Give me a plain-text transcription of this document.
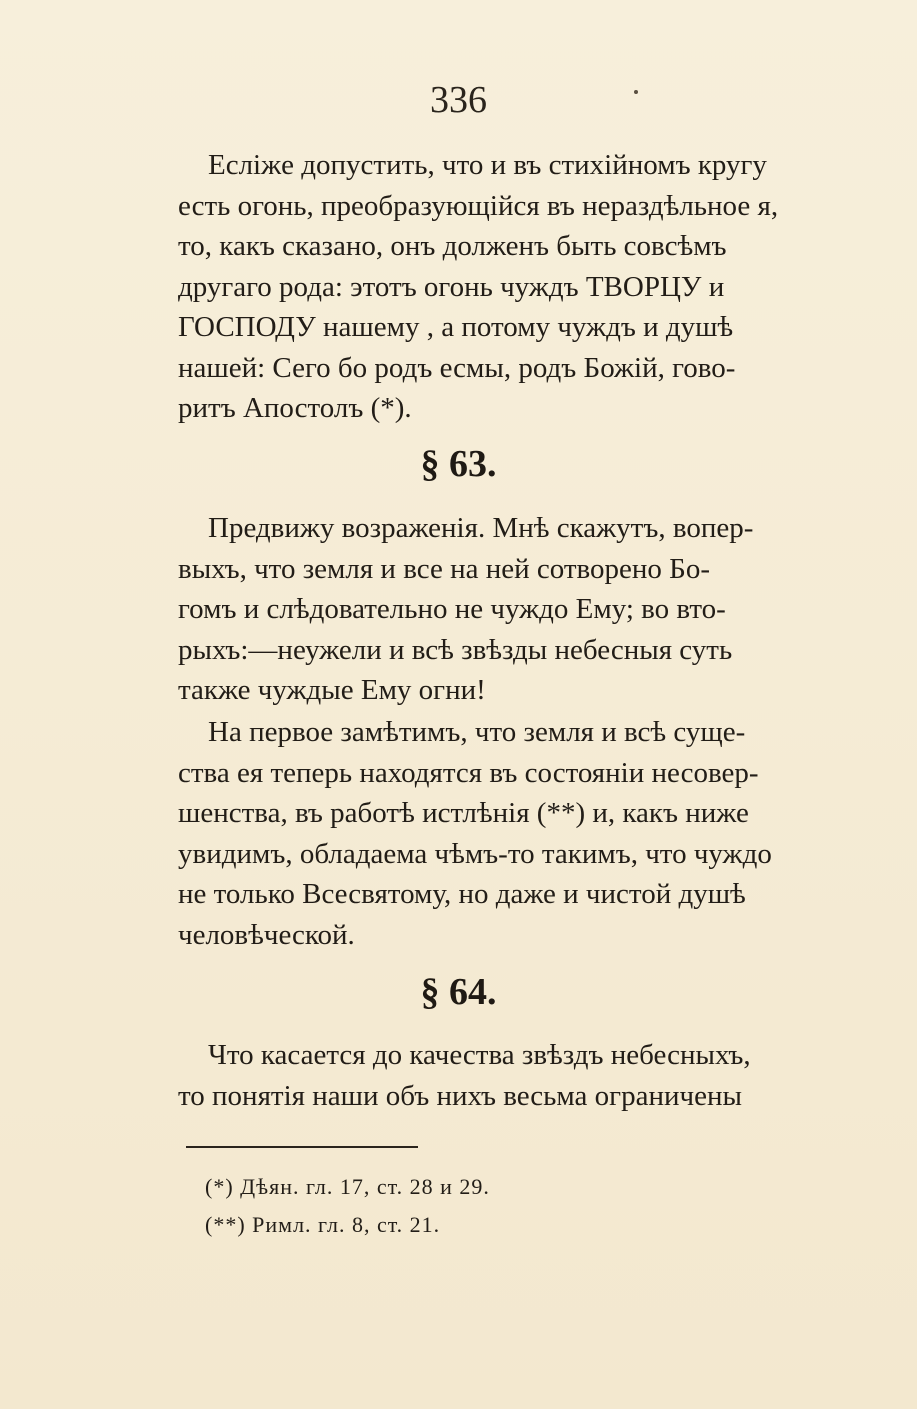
336
Есліжe допустить, что и въ стихійномъ кругу
есть огонь, преобразующійся въ нераздѣльное я,
то, какъ сказано, онъ долженъ быть совсѣмъ
другаго рода: этотъ огонь чуждъ ТВОРЦУ и
ГОСПОДУ нашему , а потому чуждъ и душѣ
нашей: Сего бо родъ есмы, родъ Божій, гово-
ритъ Апостолъ (*).
§ 63.
Предвижу возраженія. Мнѣ скажутъ, вопер-
выхъ, что земля и все на ней сотворено Бо-
гомъ и слѣдовательно не чуждо Ему; во вто-
рыхъ:—неужели и всѣ звѣзды небесныя суть
также чуждые Ему огни!
На первое замѣтимъ, что земля и всѣ суще-
ства ея теперь находятся въ состояніи несовер-
шенства, въ работѣ истлѣнія (**) и, какъ ниже
увидимъ, обладаема чѣмъ-то такимъ, что чуждо
не только Всесвятому, но даже и чистой душѣ
человѣческой.
§ 64.
Что касается до качества звѣздъ небесныхъ,
то понятія наши объ нихъ весьма ограничены
(*) Дѣян. гл. 17, ст. 28 и 29.
(**) Римл. гл. 8, ст. 21.
